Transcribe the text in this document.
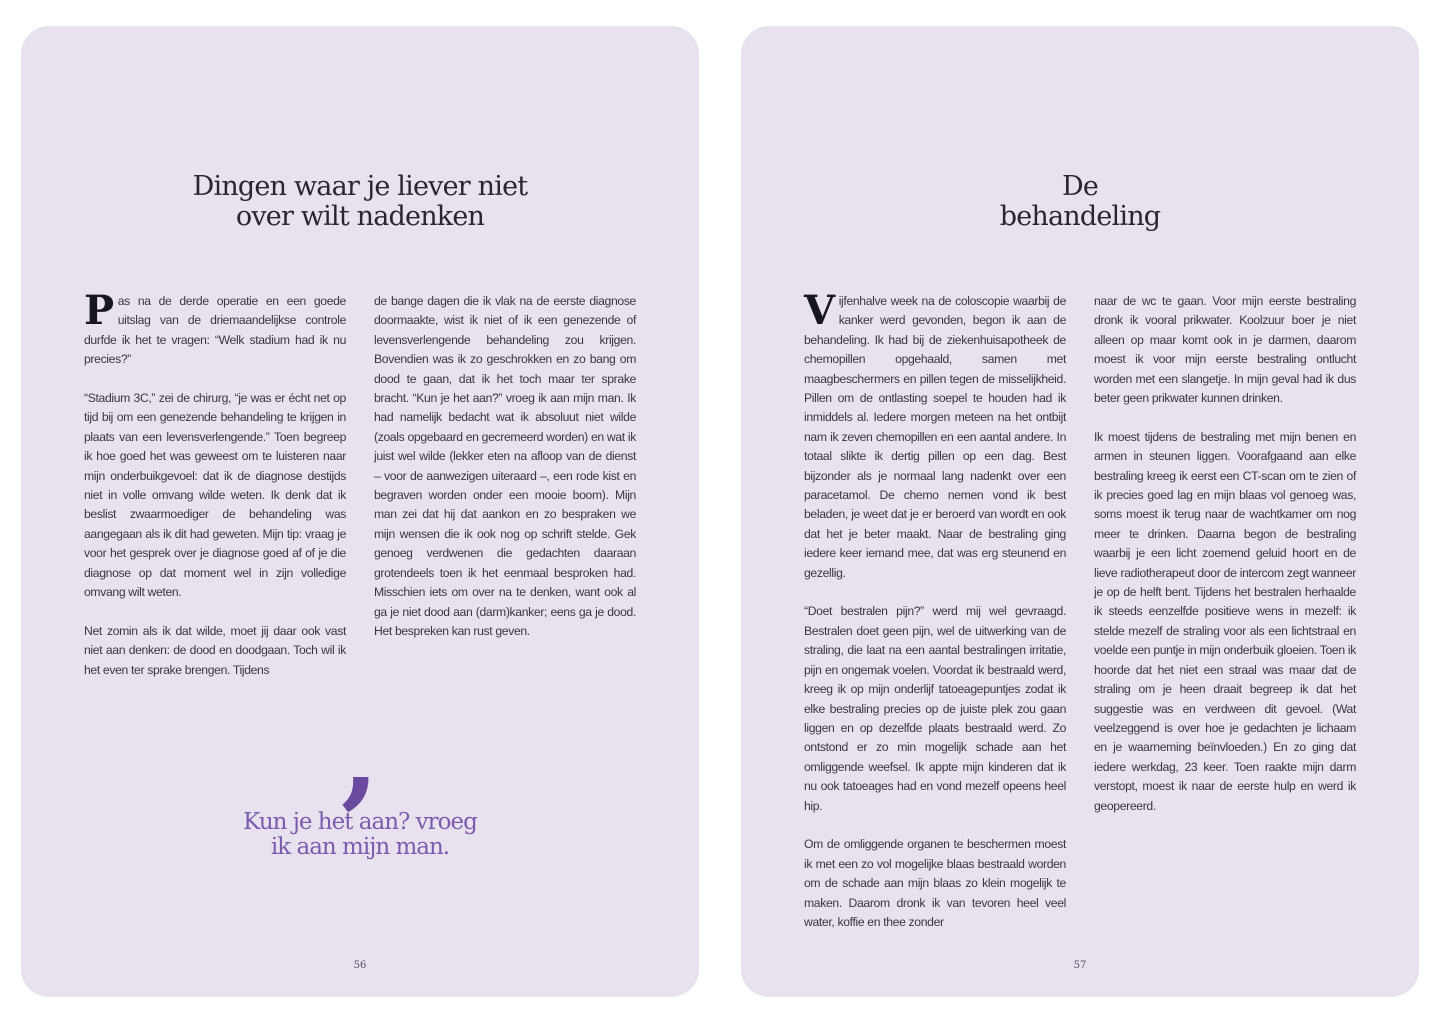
Dingen waar je liever niet over wilt nadenken

Pas na de derde operatie en een goede uitslag van de driemaandelijkse controle durfde ik het te vragen: “Welk stadium had ik nu precies?”

“Stadium 3C,” zei de chirurg, “je was er écht net op tijd bij om een genezende behandeling te krijgen in plaats van een levensverlengende.” Toen begreep ik hoe goed het was geweest om te luisteren naar mijn onderbuikgevoel: dat ik de diagnose destijds niet in volle omvang wilde weten. Ik denk dat ik beslist zwaarmoediger de behandeling was aangegaan als ik dit had geweten. Mijn tip: vraag je voor het gesprek over je diagnose goed af of je die diagnose op dat moment wel in zijn volledige omvang wilt weten.

Net zomin als ik dat wilde, moet jij daar ook vast niet aan denken: de dood en doodgaan. Toch wil ik het even ter sprake brengen. Tijdens

de bange dagen die ik vlak na de eerste diagnose doormaakte, wist ik niet of ik een genezende of levensverlengende behandeling zou krijgen. Bovendien was ik zo geschrokken en zo bang om dood te gaan, dat ik het toch maar ter sprake bracht. “Kun je het aan?” vroeg ik aan mijn man. Ik had namelijk bedacht wat ik absoluut niet wilde (zoals opgebaard en gecremeerd worden) en wat ik juist wel wilde (lekker eten na afloop van de dienst – voor de aanwezigen uiteraard –, een rode kist en begraven worden onder een mooie boom). Mijn man zei dat hij dat aankon en zo bespraken we mijn wensen die ik ook nog op schrift stelde. Gek genoeg verdwenen die gedachten daaraan grotendeels toen ik het eenmaal besproken had. Misschien iets om over na te denken, want ook al ga je niet dood aan (darm)kanker; eens ga je dood. Het bespreken kan rust geven.

,
Kun je het aan? vroeg ik aan mijn man.
56
De behandeling

Vijfenhalve week na de coloscopie waarbij de kanker werd gevonden, begon ik aan de behandeling. Ik had bij de ziekenhuisapotheek de chemopillen opgehaald, samen met maagbeschermers en pillen tegen de misselijkheid. Pillen om de ontlasting soepel te houden had ik inmiddels al. Iedere morgen meteen na het ontbijt nam ik zeven chemopillen en een aantal andere. In totaal slikte ik dertig pillen op een dag. Best bijzonder als je normaal lang nadenkt over een paracetamol. De chemo nemen vond ik best beladen, je weet dat je er beroerd van wordt en ook dat het je beter maakt. Naar de bestraling ging iedere keer iemand mee, dat was erg steunend en gezellig.

“Doet bestralen pijn?” werd mij wel gevraagd. Bestralen doet geen pijn, wel de uitwerking van de straling, die laat na een aantal bestralingen irritatie, pijn en ongemak voelen. Voordat ik bestraald werd, kreeg ik op mijn onderlijf tatoeagepuntjes zodat ik elke bestraling precies op de juiste plek zou gaan liggen en op dezelfde plaats bestraald werd. Zo ontstond er zo min mogelijk schade aan het omliggende weefsel. Ik appte mijn kinderen dat ik nu ook tatoeages had en vond mezelf opeens heel hip.

Om de omliggende organen te beschermen moest ik met een zo vol mogelijke blaas bestraald worden om de schade aan mijn blaas zo klein mogelijk te maken. Daarom dronk ik van tevoren heel veel water, koffie en thee zonder

naar de wc te gaan. Voor mijn eerste bestraling dronk ik vooral prikwater. Koolzuur boer je niet alleen op maar komt ook in je darmen, daarom moest ik voor mijn eerste bestraling ontlucht worden met een slangetje. In mijn geval had ik dus beter geen prikwater kunnen drinken.

Ik moest tijdens de bestraling met mijn benen en armen in steunen liggen. Voorafgaand aan elke bestraling kreeg ik eerst een CT-scan om te zien of ik precies goed lag en mijn blaas vol genoeg was, soms moest ik terug naar de wachtkamer om nog meer te drinken. Daarna begon de bestraling waarbij je een licht zoemend geluid hoort en de lieve radiotherapeut door de intercom zegt wanneer je op de helft bent. Tijdens het bestralen herhaalde ik steeds eenzelfde positieve wens in mezelf: ik stelde mezelf de straling voor als een lichtstraal en voelde een puntje in mijn onderbuik gloeien. Toen ik hoorde dat het niet een straal was maar dat de straling om je heen draait begreep ik dat het suggestie was en verdween dit gevoel. (Wat veelzeggend is over hoe je gedachten je lichaam en je waarneming beïnvloeden.) En zo ging dat iedere werkdag, 23 keer. Toen raakte mijn darm verstopt, moest ik naar de eerste hulp en werd ik geopereerd.

57
